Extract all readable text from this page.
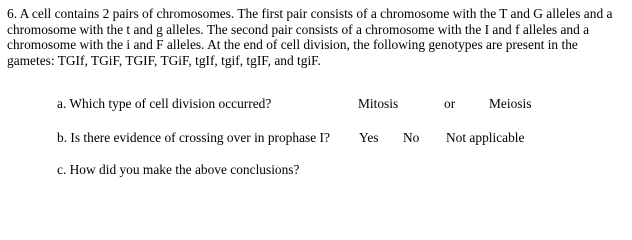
6. A cell contains 2 pairs of chromosomes. The first pair consists of a chromosome with the T and G alleles and a chromosome with the t and g alleles. The second pair consists of a chromosome with the I and f alleles and a chromosome with the i and F alleles. At the end of cell division, the following genotypes are present in the gametes: TGIf, TGiF, TGIF, TGiF, tgIf, tgif, tgIF, and tgiF.

a. Which type of cell division occurred?	Mitosis	or	Meiosis

b. Is there evidence of crossing over in prophase I? Yes No Not applicable

c. How did you make the above conclusions?
